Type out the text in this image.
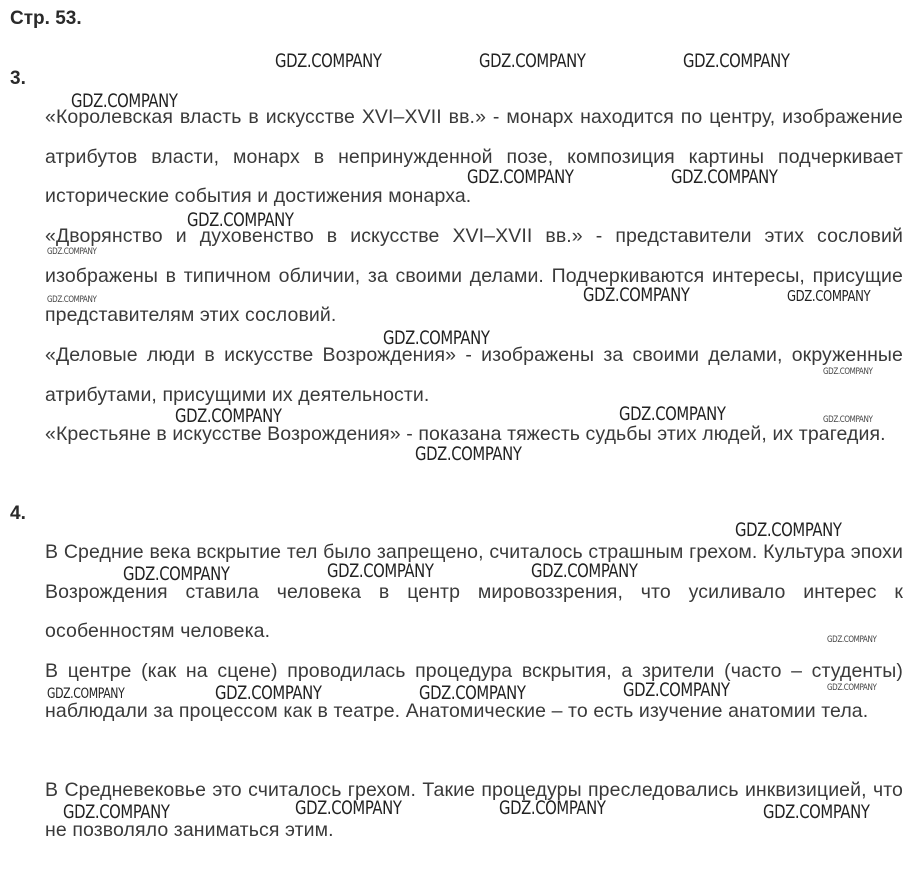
Стр. 53.
3.
«Королевская власть в искусстве XVI–XVII вв.» - монарх находится по центру, изображение атрибутов власти, монарх в непринужденной позе, композиция картины подчеркивает исторические события и достижения монарха.
«Дворянство и духовенство в искусстве XVI–XVII вв.» - представители этих сословий изображены в типичном обличии, за своими делами. Подчеркиваются интересы, присущие представителям этих сословий.
«Деловые люди в искусстве Возрождения» - изображены за своими делами, окруженные атрибутами, присущими их деятельности.
«Крестьяне в искусстве Возрождения» - показана тяжесть судьбы этих людей, их трагедия.
4.
В Средние века вскрытие тел было запрещено, считалось страшным грехом. Культура эпохи Возрождения ставила человека в центр мировоззрения, что усиливало интерес к особенностям человека.
В центре (как на сцене) проводилась процедура вскрытия, а зрители (часто – студенты) наблюдали за процессом как в театре. Анатомические – то есть изучение анатомии тела.
В Средневековье это считалось грехом. Такие процедуры преследовались инквизицией, что не позволяло заниматься этим.
GDZ.COMPANY	GDZ.COMPANY	GDZ.COMPANY
GDZ.COMPANY
GDZ.COMPANY	GDZ.COMPANY
GDZ.COMPANY
GDZ.COMPANY
GDZ.COMPANY	GDZ.COMPANY
GDZ.COMPANY
GDZ.COMPANY
GDZ.COMPANY
GDZ.COMPANY	GDZ.COMPANY	GDZ.COMPANY
GDZ.COMPANY
GDZ.COMPANY
GDZ.COMPANY	GDZ.COMPANY	GDZ.COMPANY
GDZ.COMPANY
GDZ.COMPANY	GDZ.COMPANY
GDZ.COMPANY	GDZ.COMPANY	GDZ.COMPANY
GDZ.COMPANY	GDZ.COMPANY	GDZ.COMPANY	GDZ.COMPANY
